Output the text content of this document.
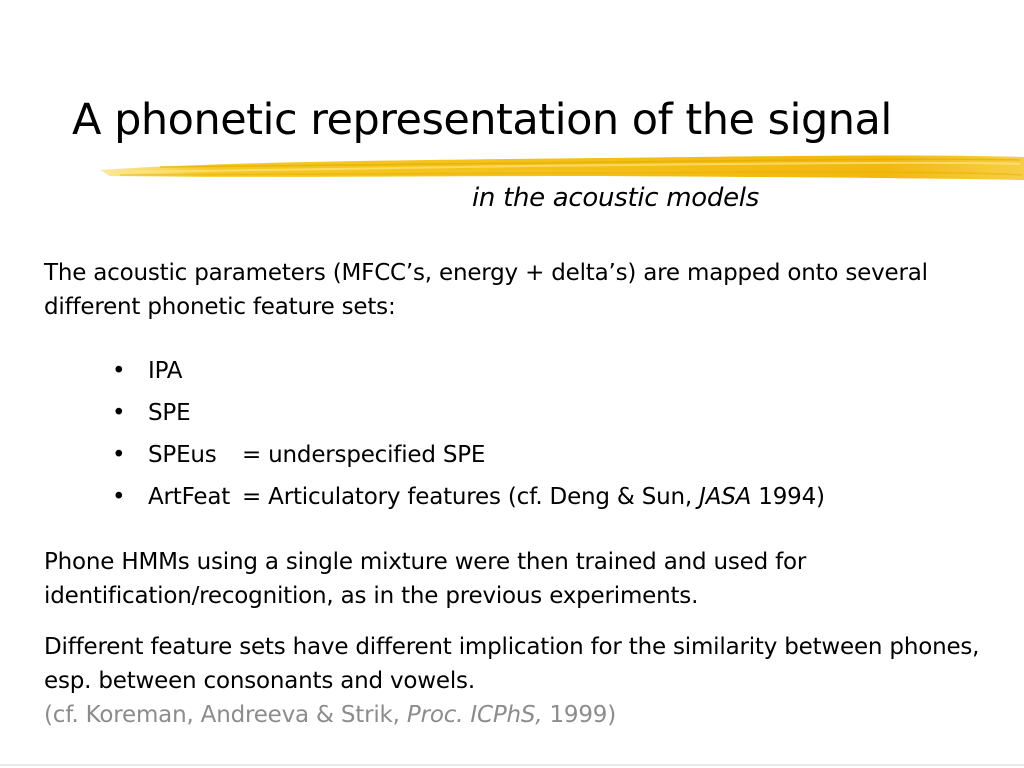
A phonetic representation of the signal
in the acoustic models
The acoustic parameters (MFCC’s, energy + delta’s) are mapped onto several different phonetic feature sets:
• IPA
• SPE
• SPEus = underspecified SPE
• ArtFeat = Articulatory features (cf. Deng & Sun, JASA 1994)
Phone HMMs using a single mixture were then trained and used for identification/recognition, as in the previous experiments.
Different feature sets have different implication for the similarity between phones, esp. between consonants and vowels.
(cf. Koreman, Andreeva & Strik, Proc. ICPhS, 1999)
